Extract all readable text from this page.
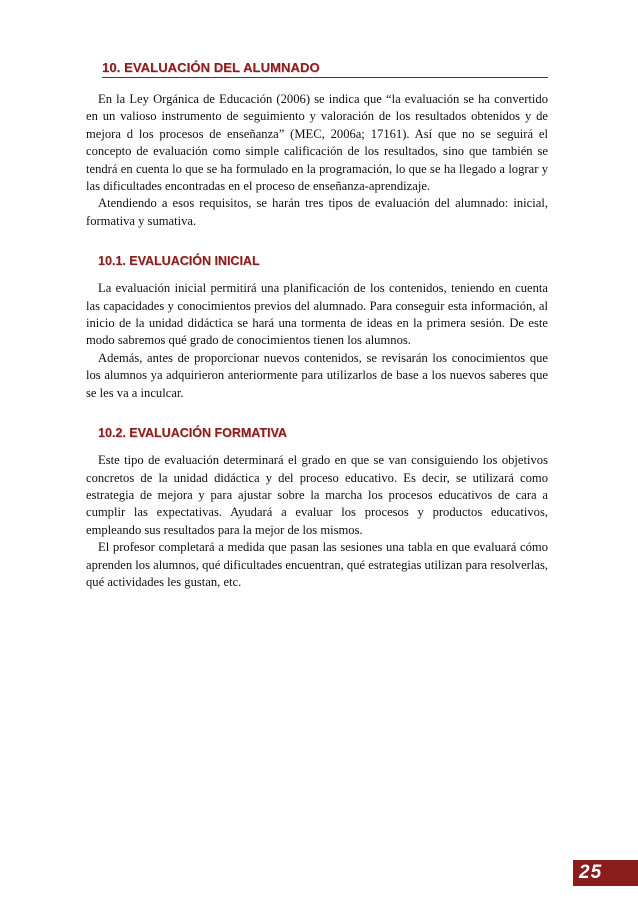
10. EVALUACIÓN DEL ALUMNADO

En la Ley Orgánica de Educación (2006) se indica que “la evaluación se ha convertido en un valioso instrumento de seguimiento y valoración de los resultados obtenidos y de mejora d los procesos de enseñanza” (MEC, 2006a; 17161). Así que no se seguirá el concepto de evaluación como simple calificación de los resultados, sino que también se tendrá en cuenta lo que se ha formulado en la programación, lo que se ha llegado a lograr y las dificultades encontradas en el proceso de enseñanza-aprendizaje.

Atendiendo a esos requisitos, se harán tres tipos de evaluación del alumnado: inicial, formativa y sumativa.

10.1. EVALUACIÓN INICIAL

La evaluación inicial permitirá una planificación de los contenidos, teniendo en cuenta las capacidades y conocimientos previos del alumnado. Para conseguir esta información, al inicio de la unidad didáctica se hará una tormenta de ideas en la primera sesión. De este modo sabremos qué grado de conocimientos tienen los alumnos.

Además, antes de proporcionar nuevos contenidos, se revisarán los conocimientos que los alumnos ya adquirieron anteriormente para utilizarlos de base a los nuevos saberes que se les va a inculcar.

10.2. EVALUACIÓN FORMATIVA

Este tipo de evaluación determinará el grado en que se van consiguiendo los objetivos concretos de la unidad didáctica y del proceso educativo. Es decir, se utilizará como estrategia de mejora y para ajustar sobre la marcha los procesos educativos de cara a cumplir las expectativas. Ayudará a evaluar los procesos y productos educativos, empleando sus resultados para la mejor de los mismos.

El profesor completará a medida que pasan las sesiones una tabla en que evaluará cómo aprenden los alumnos, qué dificultades encuentran, qué estrategias utilizan para resolverlas, qué actividades les gustan, etc.

25
